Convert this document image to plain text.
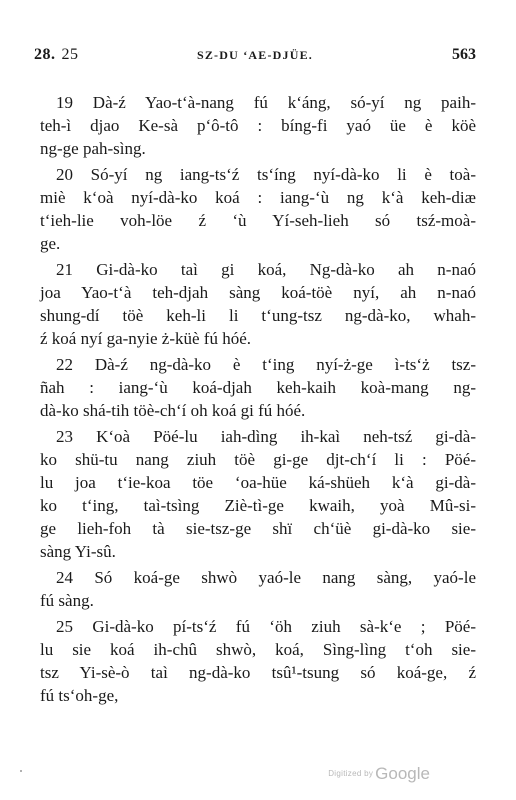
28. 25	SZ-DU ‘AE-DJÜE.	563

19 Dà-ź Yao-t‘à-nang fú k‘áng, só-yí ng paih-
teh-ì djao Ke-sà p‘ô-tô : bíng-fi yaó üe è köè
ng-ge pah-sìng.

20 Só-yí ng iang-ts‘ź ts‘íng nyí-dà-ko li è toà-
miè k‘oà nyí-dà-ko koá : iang-‘ù ng k‘à keh-diæ
t‘ieh-lie voh-löe ź ‘ù Yí-seh-lieh só tsź-moà-
ge.

21 Gi-dà-ko taì gi koá, Ng-dà-ko ah n-naó
joa Yao-t‘à teh-djah sàng koá-töè nyí, ah n-naó
shung-dí töè keh-li li t‘ung-tsz ng-dà-ko, whah-
ź koá nyí ga-nyie ż-küè fú hóé.

22 Dà-ź ng-dà-ko è t‘ing nyí-ż-ge ì-ts‘ż tsz-
ñah : iang-‘ù koá-djah keh-kaih koà-mang ng-
dà-ko shá-tih töè-ch‘í oh koá gi fú hóé.

23 K‘oà Pöé-lu iah-dìng ih-kaì neh-tsź gi-dà-
ko shü-tu nang ziuh töè gi-ge djt-ch‘í li : Pöé-
lu joa t‘ie-koa töe ‘oa-hüe ká-shüeh k‘à gi-dà-
ko t‘ing, taì-tsìng Ziè-tì-ge kwaih, yoà Mû-si-
ge lieh-foh tà sie-tsz-ge shï ch‘üè gi-dà-ko sie-
sàng Yi-sû.

24 Só koá-ge shwò yaó-le nang sàng, yaó-le
fú sàng.

25 Gi-dà-ko pí-ts‘ź fú ‘öh ziuh sà-k‘e ; Pöé-
lu sie koá ih-chû shwò, koá, Sìng-lìng t‘oh sie-
tsz Yi-sè-ò taì ng-dà-ko tsû¹-tsung só koá-ge, ź
fú ts‘oh-ge,

Digitized by Google
